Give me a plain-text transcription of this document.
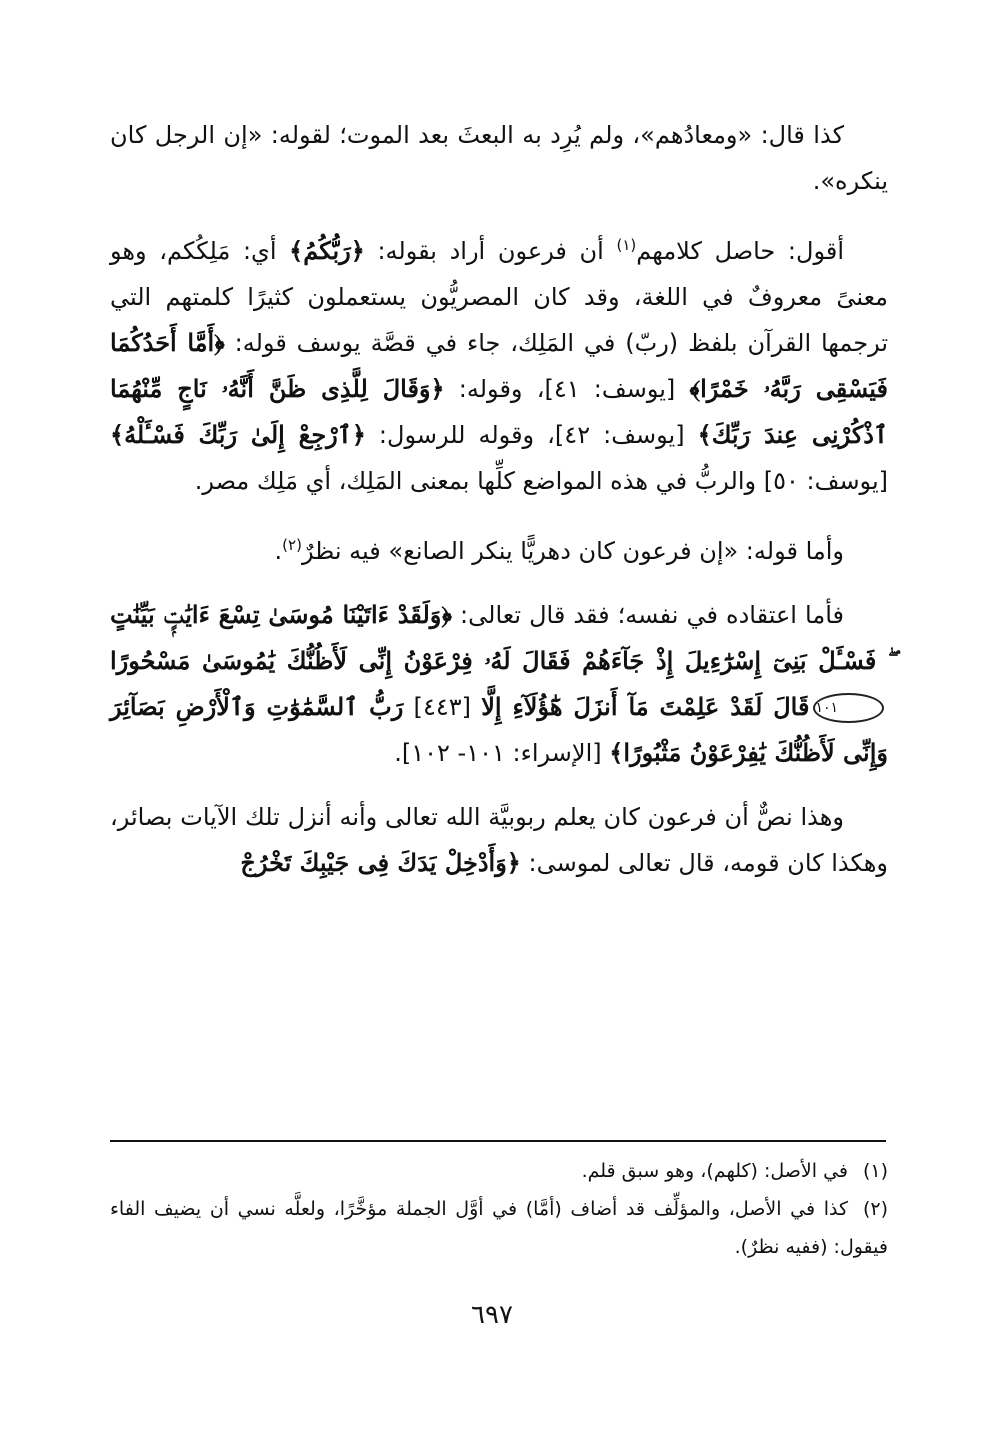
كذا قال: «ومعادُهم»، ولم يُرِد به البعثَ بعد الموت؛ لقوله: «إن الرجل كان ينكره».

أقول: حاصل كلامهم$^{(١)}$ أن فرعون أراد بقوله: ﴿رَبُّكُمُ﴾ أي: مَلِكُكم، وهو معنىً معروفٌ في اللغة، وقد كان المصريُّون يستعملون كثيرًا كلمتهم التي ترجمها القرآن بلفظ (ربّ) في المَلِك، جاء في قصَّة يوسف قوله: ﴿أَمَّا أَحَدُكُمَا فَيَسْقِى رَبَّهُۥ خَمْرًا﴾ [يوسف: ٤١]، وقوله: ﴿وَقَالَ لِلَّذِى ظَنَّ أَنَّهُۥ نَاجٍ مِّنْهُمَا ٱذْكُرْنِى عِندَ رَبِّكَ﴾ [يوسف: ٤٢]، وقوله للرسول: ﴿ٱرْجِعْ إِلَىٰ رَبِّكَ فَسْـَٔلْهُ﴾ [يوسف: ٥٠] والربُّ في هذه المواضع كلِّها بمعنى المَلِك، أي مَلِك مصر.

وأما قوله: «إن فرعون كان دهريًّا ينكر الصانع» فيه نظرٌ$^{(٢)}$.

فأما اعتقاده في نفسه؛ فقد قال تعالى: ﴿وَلَقَدْ ءَاتَيْنَا مُوسَىٰ تِسْعَ ءَايَٰتٍۭ بَيِّنَٰتٍ ۖ فَسْـَٔلْ بَنِىٓ إِسْرَٰٓءِيلَ إِذْ جَآءَهُمْ فَقَالَ لَهُۥ فِرْعَوْنُ إِنِّى لَأَظُنُّكَ يَٰمُوسَىٰ مَسْحُورًا١٠١قَالَ لَقَدْ عَلِمْتَ مَآ أَنزَلَ هَٰٓؤُلَآءِ إِلَّا [٤٤٣] رَبُّ ٱلسَّمَٰوَٰتِ وَٱلْأَرْضِ بَصَآئِرَ وَإِنِّى لَأَظُنُّكَ يَٰفِرْعَوْنُ مَثْبُورًا﴾ [الإسراء: ١٠١- ١٠٢].

وهذا نصٌّ أن فرعون كان يعلم ربوبيَّة الله تعالى وأنه أنزل تلك الآيات بصائر، وهكذا كان قومه، قال تعالى لموسى: ﴿وَأَدْخِلْ يَدَكَ فِى جَيْبِكَ تَخْرُجْ

(١)في الأصل: (كلهم)، وهو سبق قلم.

(٢)كذا في الأصل، والمؤلِّف قد أضاف (أمَّا) في أوَّل الجملة مؤخَّرًا، ولعلَّه نسي أن يضيف الفاء فيقول: (ففيه نظرٌ).

٦٩٧
